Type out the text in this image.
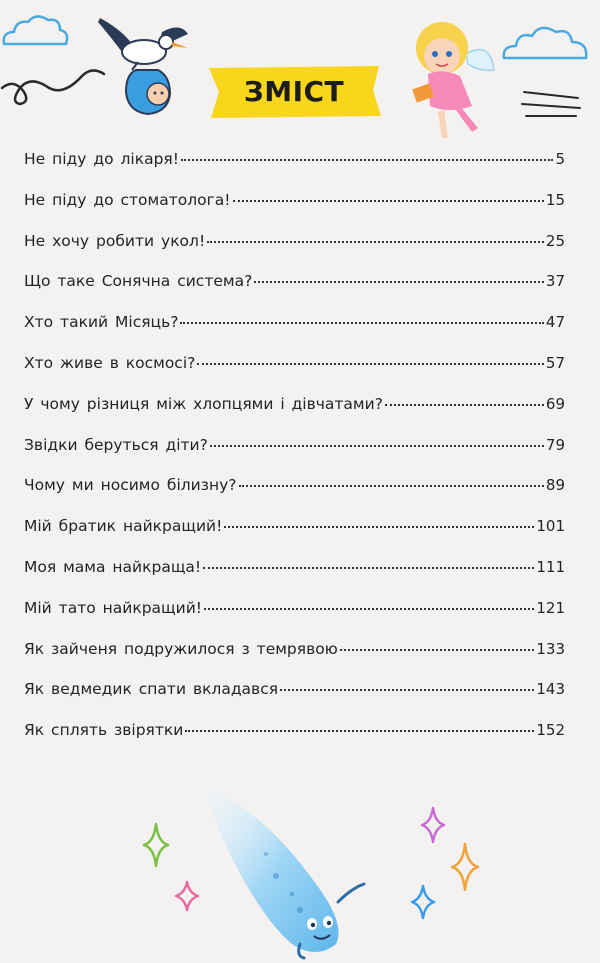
ЗМІСТ
Не піду до лікаря!	5
Не піду до стоматолога!	15
Не хочу робити укол!	25
Що таке Сонячна система?	37
Хто такий Місяць?	47
Хто живе в космосі?	57
У чому різниця між хлопцями і дівчатами?	69
Звідки беруться діти?	79
Чому ми носимо білизну?	89
Мій братик найкращий!	101
Моя мама найкраща!	111
Мій тато найкращий!	121
Як зайченя подружилося з темрявою	133
Як ведмедик спати вкладався	143
Як сплять звірятки	152
